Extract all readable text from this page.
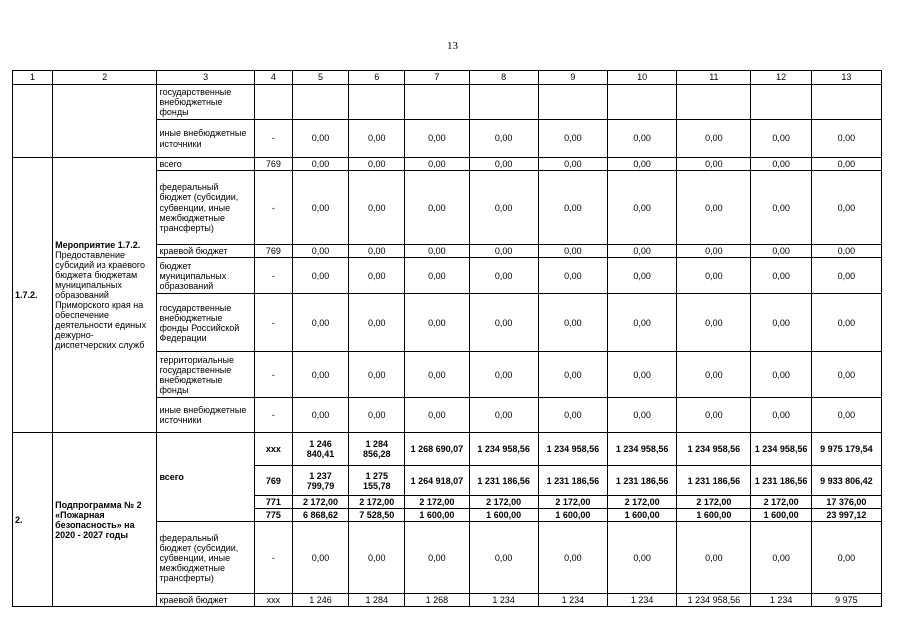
13
1	2	3	4	5	6	7	8	9	10	11	12	13
		государственные внебюджетные фонды										
		иные внебюджетные источники	-	0,00	0,00	0,00	0,00	0,00	0,00	0,00	0,00	0,00
1.7.2.	Мероприятие 1.7.2.
Предоставление субсидий из краевого бюджета бюджетам муниципальных образований Приморского края на обеспечение деятельности единых дежурно-диспетчерских служб	всего	769	0,00	0,00	0,00	0,00	0,00	0,00	0,00	0,00	0,00
		федеральный бюджет (субсидии, субвенции, иные межбюджетные трансферты)	-	0,00	0,00	0,00	0,00	0,00	0,00	0,00	0,00	0,00
		краевой бюджет	769	0,00	0,00	0,00	0,00	0,00	0,00	0,00	0,00	0,00
		бюджет муниципальных образований	-	0,00	0,00	0,00	0,00	0,00	0,00	0,00	0,00	0,00
		государственные внебюджетные фонды Российской Федерации	-	0,00	0,00	0,00	0,00	0,00	0,00	0,00	0,00	0,00
		территориальные государственные внебюджетные фонды	-	0,00	0,00	0,00	0,00	0,00	0,00	0,00	0,00	0,00
		иные внебюджетные источники	-	0,00	0,00	0,00	0,00	0,00	0,00	0,00	0,00	0,00
2.	Подпрограмма № 2 «Пожарная безопасность» на 2020 - 2027 годы	всего	ххх	1 246 840,41	1 284 856,28	1 268 690,07	1 234 958,56	1 234 958,56	1 234 958,56	1 234 958,56	1 234 958,56	9 975 179,54
			769	1 237 799,79	1 275 155,78	1 264 918,07	1 231 186,56	1 231 186,56	1 231 186,56	1 231 186,56	1 231 186,56	9 933 806,42
			771	2 172,00	2 172,00	2 172,00	2 172,00	2 172,00	2 172,00	2 172,00	2 172,00	17 376,00
			775	6 868,62	7 528,50	1 600,00	1 600,00	1 600,00	1 600,00	1 600,00	1 600,00	23 997,12
		федеральный бюджет (субсидии, субвенции, иные межбюджетные трансферты)	-	0,00	0,00	0,00	0,00	0,00	0,00	0,00	0,00	0,00
		краевой бюджет	ххх	1 246	1 284	1 268	1 234	1 234	1 234	1 234 958,56	1 234	9 975
